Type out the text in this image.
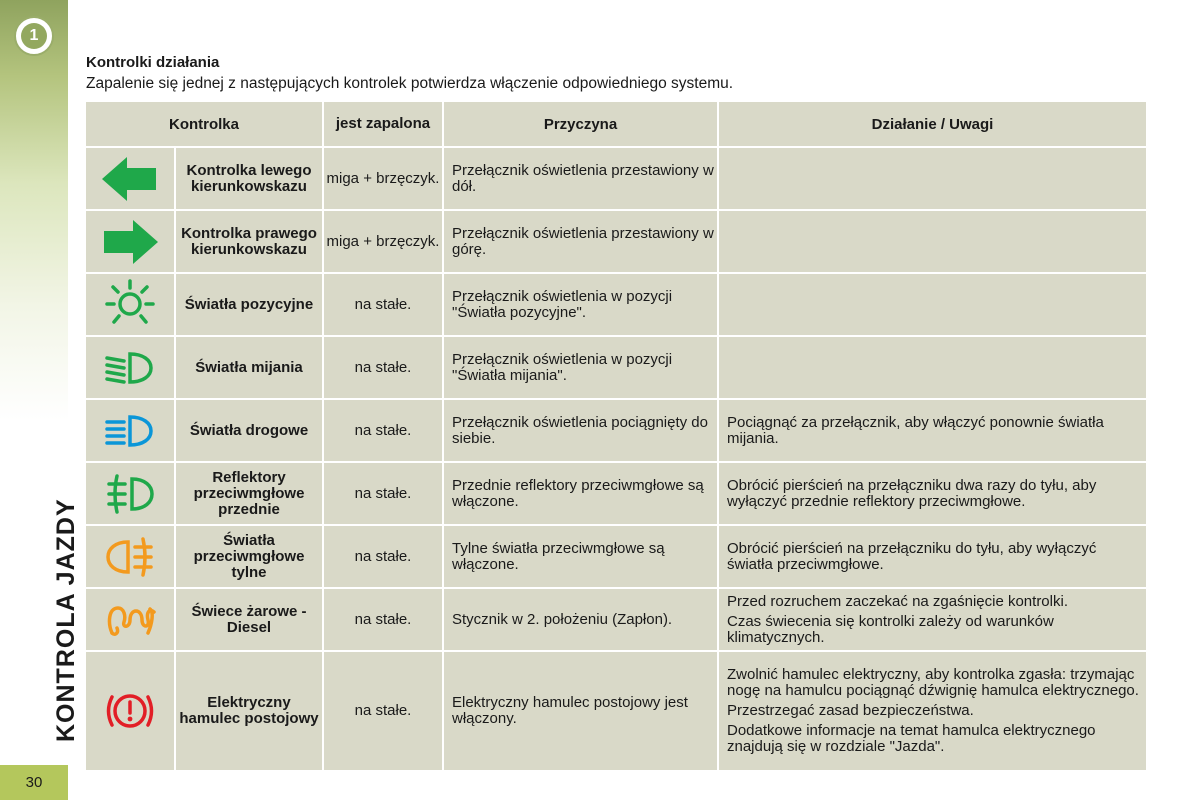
1
KONTROLA JAZDY
30
Kontrolki działania
Zapalenie się jednej z następujących kontrolek potwierdza włączenie odpowiedniego systemu.
Kontrolka		jest zapalona	Przyczyna	Działanie / Uwagi

	Kontrolka lewego kierunkowskazu	miga + brzęczyk.	Przełącznik oświetlenia przestawiony w dół.	

	Kontrolka prawego kierunkowskazu	miga + brzęczyk.	Przełącznik oświetlenia przestawiony w górę.	

	Światła pozycyjne	na stałe.	Przełącznik oświetlenia w pozycji "Światła pozycyjne".	

	Światła mijania	na stałe.	Przełącznik oświetlenia w pozycji "Światła mijania".	

	Światła drogowe	na stałe.	Przełącznik oświetlenia pociągnięty do siebie.	Pociągnąć za przełącznik, aby włączyć ponownie światła mijania.

	Reflektory przeciwmgłowe przednie	na stałe.	Przednie reflektory przeciwmgłowe są włączone.	Obrócić pierścień na przełączniku dwa razy do tyłu, aby wyłączyć przednie reflektory przeciwmgłowe.

	Światła przeciwmgłowe tylne	na stałe.	Tylne światła przeciwmgłowe są włączone.	Obrócić pierścień na przełączniku do tyłu, aby wyłączyć światła przeciwmgłowe.

	Świece żarowe - Diesel	na stałe.	Stycznik w 2. położeniu (Zapłon).	Przed rozruchem zaczekać na zgaśnięcie kontrolki.

Czas świecenia się kontrolki zależy od warunków klimatycznych.

	Elektryczny hamulec postojowy	na stałe.	Elektryczny hamulec postojowy jest włączony.	Zwolnić hamulec elektryczny, aby kontrolka zgasła: trzymając nogę na hamulcu pociągnąć dźwignię hamulca elektrycznego.

Przestrzegać zasad bezpieczeństwa.

Dodatkowe informacje na temat hamulca elektrycznego znajdują się w rozdziale "Jazda".
